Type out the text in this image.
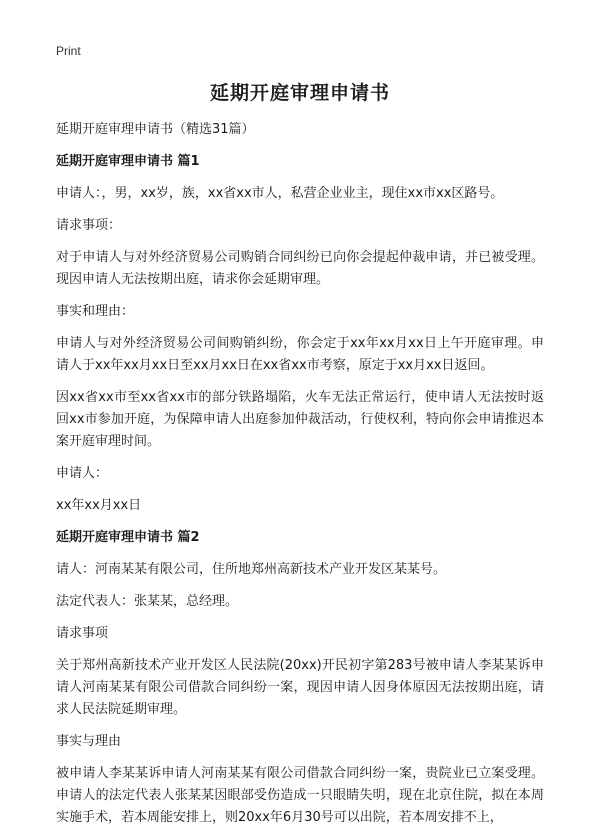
Print
延期开庭审理申请书
延期开庭审理申请书（精选31篇）
延期开庭审理申请书 篇1

申请人：，男，xx岁，族，xx省xx市人，私营企业业主，现住xx市xx区路号。

请求事项：

对于申请人与对外经济贸易公司购销合同纠纷已向你会提起仲裁申请，并已被受理。现因申请人无法按期出庭，请求你会延期审理。

事实和理由：

申请人与对外经济贸易公司间购销纠纷，你会定于xx年xx月xx日上午开庭审理。申请人于xx年xx月xx日至xx月xx日在xx省xx市考察，原定于xx月xx日返回。

因xx省xx市至xx省xx市的部分铁路塌陷，火车无法正常运行，使申请人无法按时返回xx市参加开庭，为保障申请人出庭参加仲裁活动，行使权利，特向你会申请推迟本案开庭审理时间。

申请人：

xx年xx月xx日

延期开庭审理申请书 篇2

请人：河南某某有限公司，住所地郑州高新技术产业开发区某某号。

法定代表人：张某某，总经理。

请求事项

关于郑州高新技术产业开发区人民法院(20xx)开民初字第283号被申请人李某某诉申请人河南某某有限公司借款合同纠纷一案，现因申请人因身体原因无法按期出庭，请求人民法院延期审理。

事实与理由

被申请人李某某诉申请人河南某某有限公司借款合同纠纷一案，贵院业已立案受理。申请人的法定代表人张某某因眼部受伤造成一只眼睛失明，现在北京住院，拟在本周实施手术，若本周能安排上，则20xx年6月30号可以出院，若本周安排不上，
